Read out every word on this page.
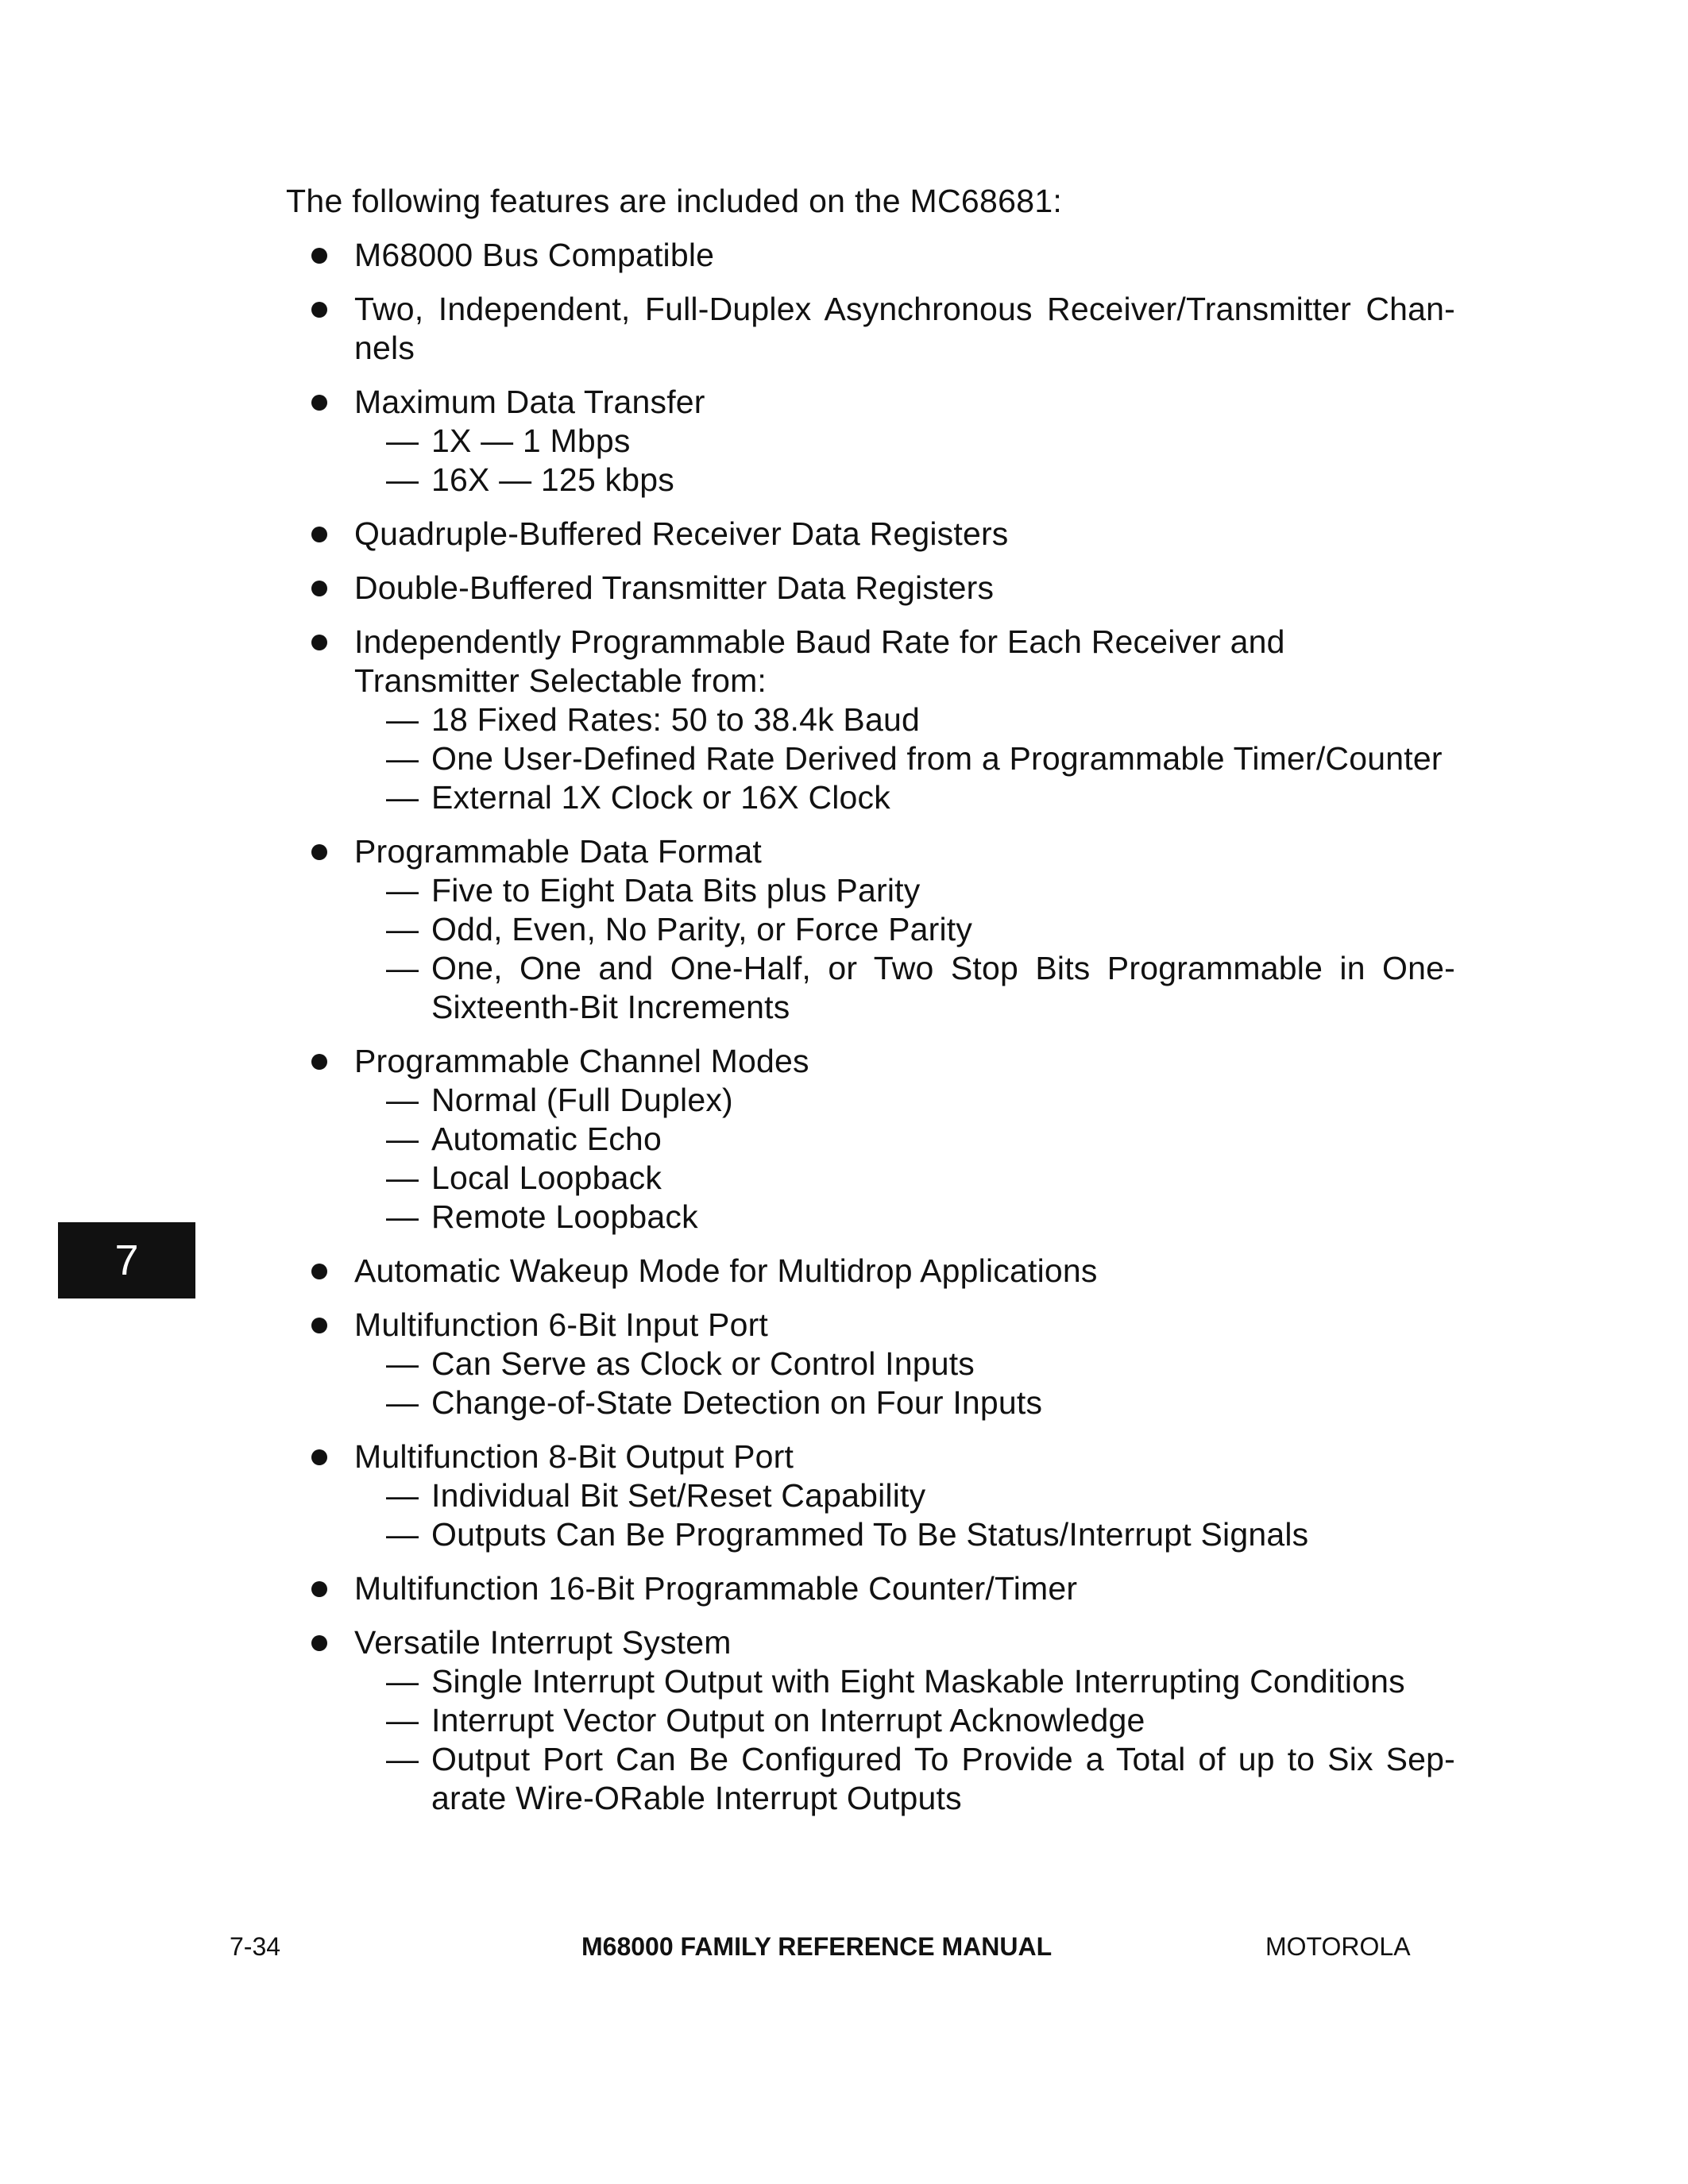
The following features are included on the MC68681:

M68000 Bus Compatible
Two, Independent, Full-Duplex Asynchronous Receiver/Transmitter Chan- nels
Maximum Data Transfer
— 1X — 1 Mbps
— 16X — 125 kbps
Quadruple-Buffered Receiver Data Registers
Double-Buffered Transmitter Data Registers
Independently Programmable Baud Rate for Each Receiver and Transmitter Selectable from:
— 18 Fixed Rates: 50 to 38.4k Baud
— One User-Defined Rate Derived from a Programmable Timer/Counter
— External 1X Clock or 16X Clock
Programmable Data Format
— Five to Eight Data Bits plus Parity
— Odd, Even, No Parity, or Force Parity
— One, One and One-Half, or Two Stop Bits Programmable in One- Sixteenth-Bit Increments
Programmable Channel Modes
— Normal (Full Duplex)
— Automatic Echo
— Local Loopback
— Remote Loopback
Automatic Wakeup Mode for Multidrop Applications
Multifunction 6-Bit Input Port
— Can Serve as Clock or Control Inputs
— Change-of-State Detection on Four Inputs
Multifunction 8-Bit Output Port
— Individual Bit Set/Reset Capability
— Outputs Can Be Programmed To Be Status/Interrupt Signals
Multifunction 16-Bit Programmable Counter/Timer
Versatile Interrupt System
— Single Interrupt Output with Eight Maskable Interrupting Conditions
— Interrupt Vector Output on Interrupt Acknowledge
— Output Port Can Be Configured To Provide a Total of up to Six Sep- arate Wire-ORable Interrupt Outputs
7
7-34	M68000 FAMILY REFERENCE MANUAL	MOTOROLA
